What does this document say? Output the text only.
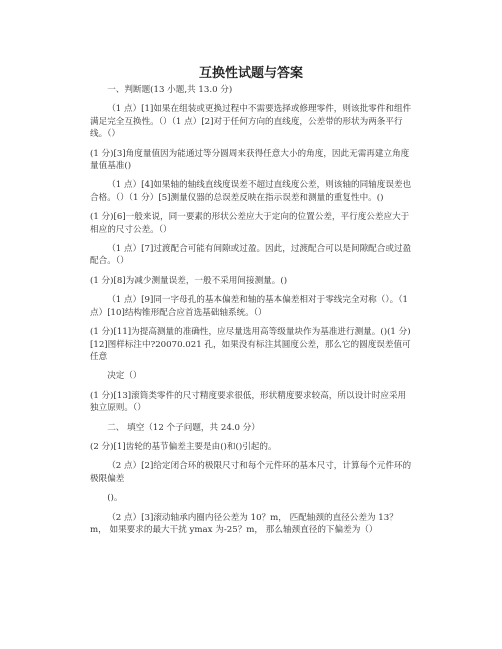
互换性试题与答案

一、判断题(13 小题,共 13.0 分)

（1 点）[1]如果在组装或更换过程中不需要选择或修理零件，则该批零件和组件满足完全互换性。（）（1 点）[2]对于任何方向的直线度，公差带的形状为两条平行线。（）

(1 分)[3]角度量值因为能通过等分圆周来获得任意大小的角度，因此无需再建立角度量值基准()

（1 点）[4]如果轴的轴线直线度误差不超过直线度公差，则该轴的同轴度误差也合格。（）（1 分）[5]测量仪器的总误差反映在指示误差和测量的重复性中。()

(1 分)[6]一般来说，同一要素的形状公差应大于定向的位置公差，平行度公差应大于相应的尺寸公差。（）

（1 点）[7]过渡配合可能有间隙或过盈。因此，过渡配合可以是间隙配合或过盈配合。（）

(1 分)[8]为减少测量误差，一般不采用间接测量。()

（1 点）[9]同一字母孔的基本偏差和轴的基本偏差相对于零线完全对称（）。（1 点）[10]结构锥形配合应首选基础轴系统。（）

(1 分)[11]为提高测量的准确性，应尽量选用高等级量块作为基准进行测量。()(1 分)[12]图样标注中?20070.021 孔，如果没有标注其圆度公差，那么它的圆度误差值可任意

决定（）

(1 分)[13]滚筒类零件的尺寸精度要求很低，形状精度要求较高，所以设计时应采用独立原则。（）

二、 填空（12 个子问题，共 24.0 分）

(2 分)[1]齿轮的基节偏差主要是由()和()引起的。

（2 点）[2]给定闭合环的极限尺寸和每个元件环的基本尺寸，计算每个元件环的极限偏差

()。

（2 点）[3]滚动轴承内圈内径公差为 10？m， 匹配轴颈的直径公差为 13？m， 如果要求的最大干扰 ymax 为-25？m， 那么轴颈直径的下偏差为（）
